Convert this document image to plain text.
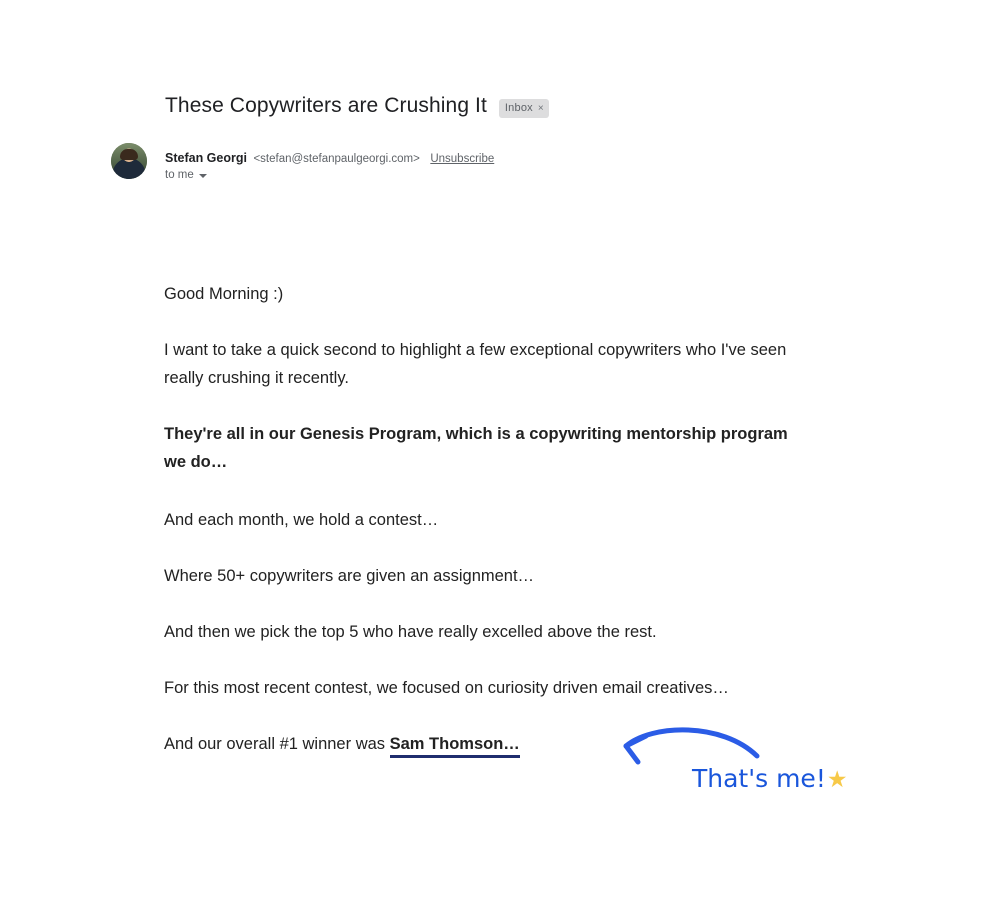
These Copywriters are Crushing It Inbox ×
Stefan Georgi <stefan@stefanpaulgeorgi.com> Unsubscribe
to me

Good Morning :)

I want to take a quick second to highlight a few exceptional copywriters who I've seen really crushing it recently.

They're all in our Genesis Program, which is a copywriting mentorship program we do…

And each month, we hold a contest…

Where 50+ copywriters are given an assignment…

And then we pick the top 5 who have really excelled above the rest.

For this most recent contest, we focused on curiosity driven email creatives…

And our overall #1 winner was Sam Thomson…

That's me!★
